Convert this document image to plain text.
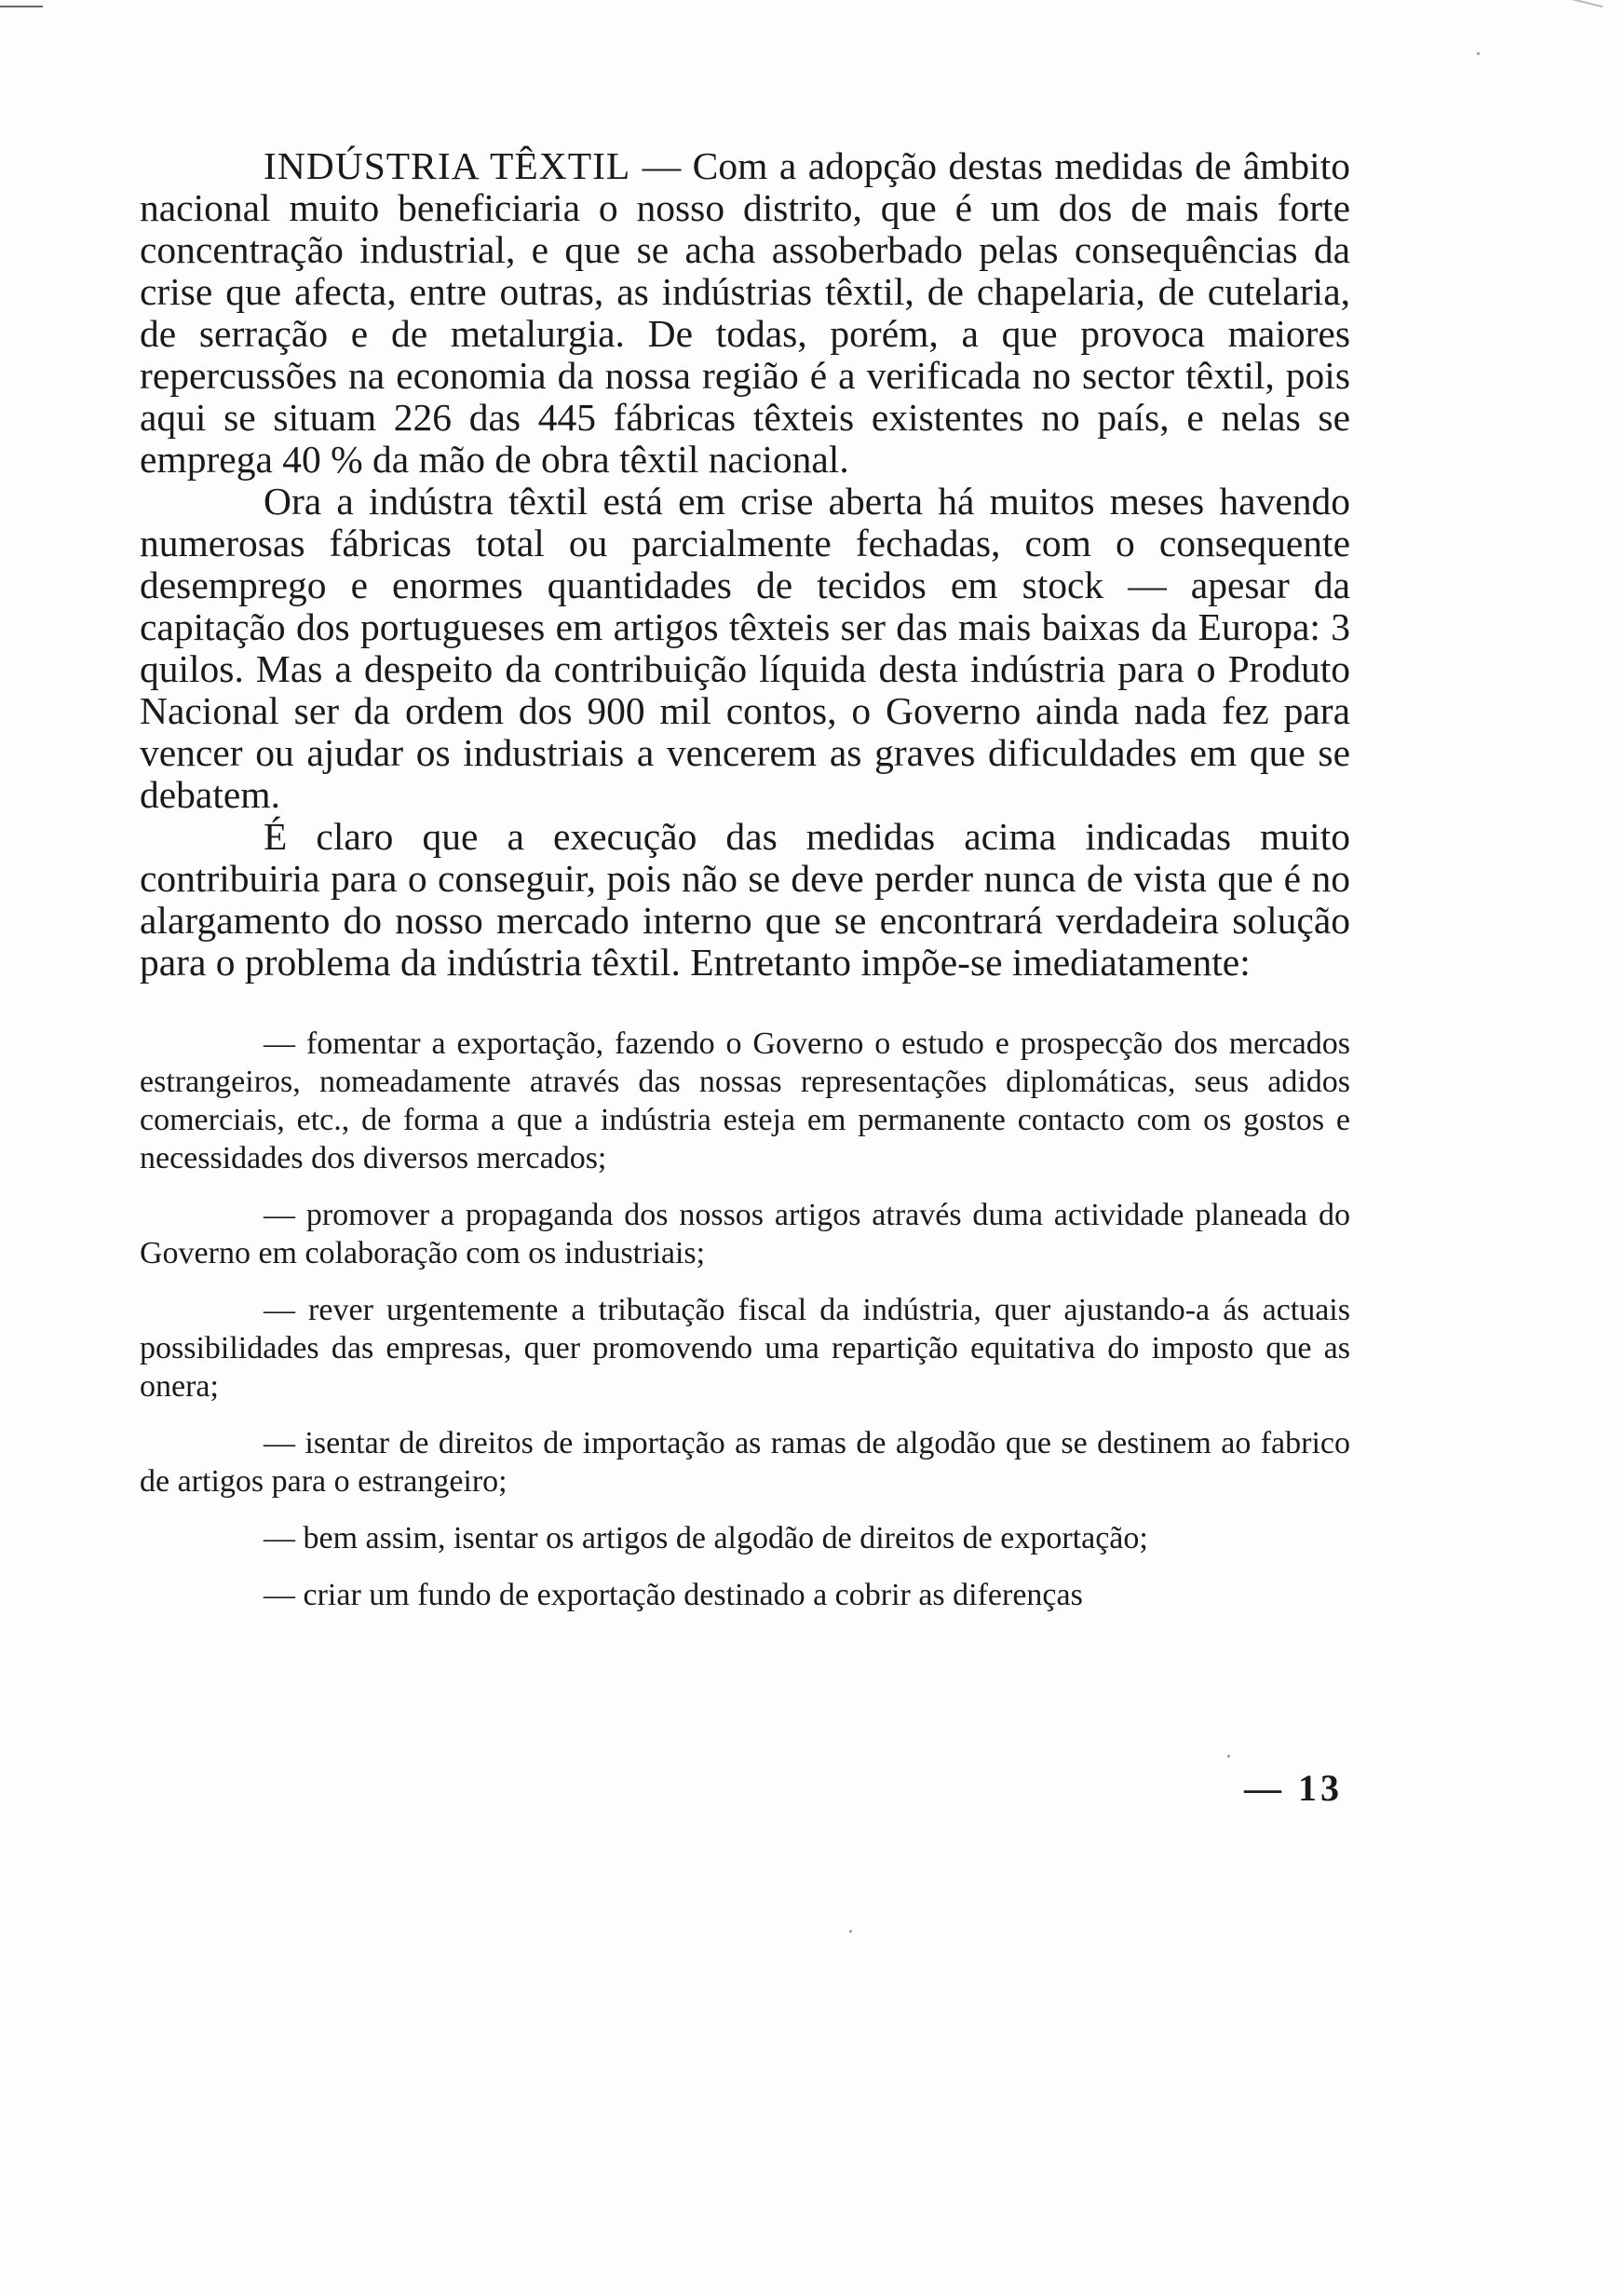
INDÚSTRIA TÊXTIL — Com a adopção destas medidas de âmbito nacional muito beneficiaria o nosso distrito, que é um dos de mais forte concentração industrial, e que se acha assoberbado pelas consequências da crise que afecta, entre outras, as indústrias têxtil, de chapelaria, de cutelaria, de serração e de metalurgia. De todas, porém, a que provoca maiores repercussões na economia da nossa região é a verificada no sector têxtil, pois aqui se situam 226 das 445 fábricas têxteis existentes no país, e nelas se emprega 40 % da mão de obra têxtil nacional.

Ora a indústra têxtil está em crise aberta há muitos meses havendo numerosas fábricas total ou parcialmente fechadas, com o consequente desemprego e enormes quantidades de tecidos em stock — apesar da capitação dos portugueses em artigos têxteis ser das mais baixas da Europa: 3 quilos. Mas a despeito da contribuição líquida desta indústria para o Produto Nacional ser da ordem dos 900 mil contos, o Governo ainda nada fez para vencer ou ajudar os industriais a vencerem as graves dificuldades em que se debatem.

É claro que a execução das medidas acima indicadas muito contribuiria para o conseguir, pois não se deve perder nunca de vista que é no alargamento do nosso mercado interno que se encontrará verdadeira solução para o problema da indústria têxtil. Entretanto impõe-se imediatamente:

— fomentar a exportação, fazendo o Governo o estudo e prospecção dos mercados estrangeiros, nomeadamente através das nossas representações diplomáticas, seus adidos comerciais, etc., de forma a que a indústria esteja em permanente contacto com os gostos e necessidades dos diversos mercados;

— promover a propaganda dos nossos artigos através duma actividade planeada do Governo em colaboração com os industriais;

— rever urgentemente a tributação fiscal da indústria, quer ajustando-a ás actuais possibilidades das empresas, quer promovendo uma repartição equitativa do imposto que as onera;

— isentar de direitos de importação as ramas de algodão que se destinem ao fabrico de artigos para o estrangeiro;

— bem assim, isentar os artigos de algodão de direitos de exportação;

— criar um fundo de exportação destinado a cobrir as diferenças

— 13
